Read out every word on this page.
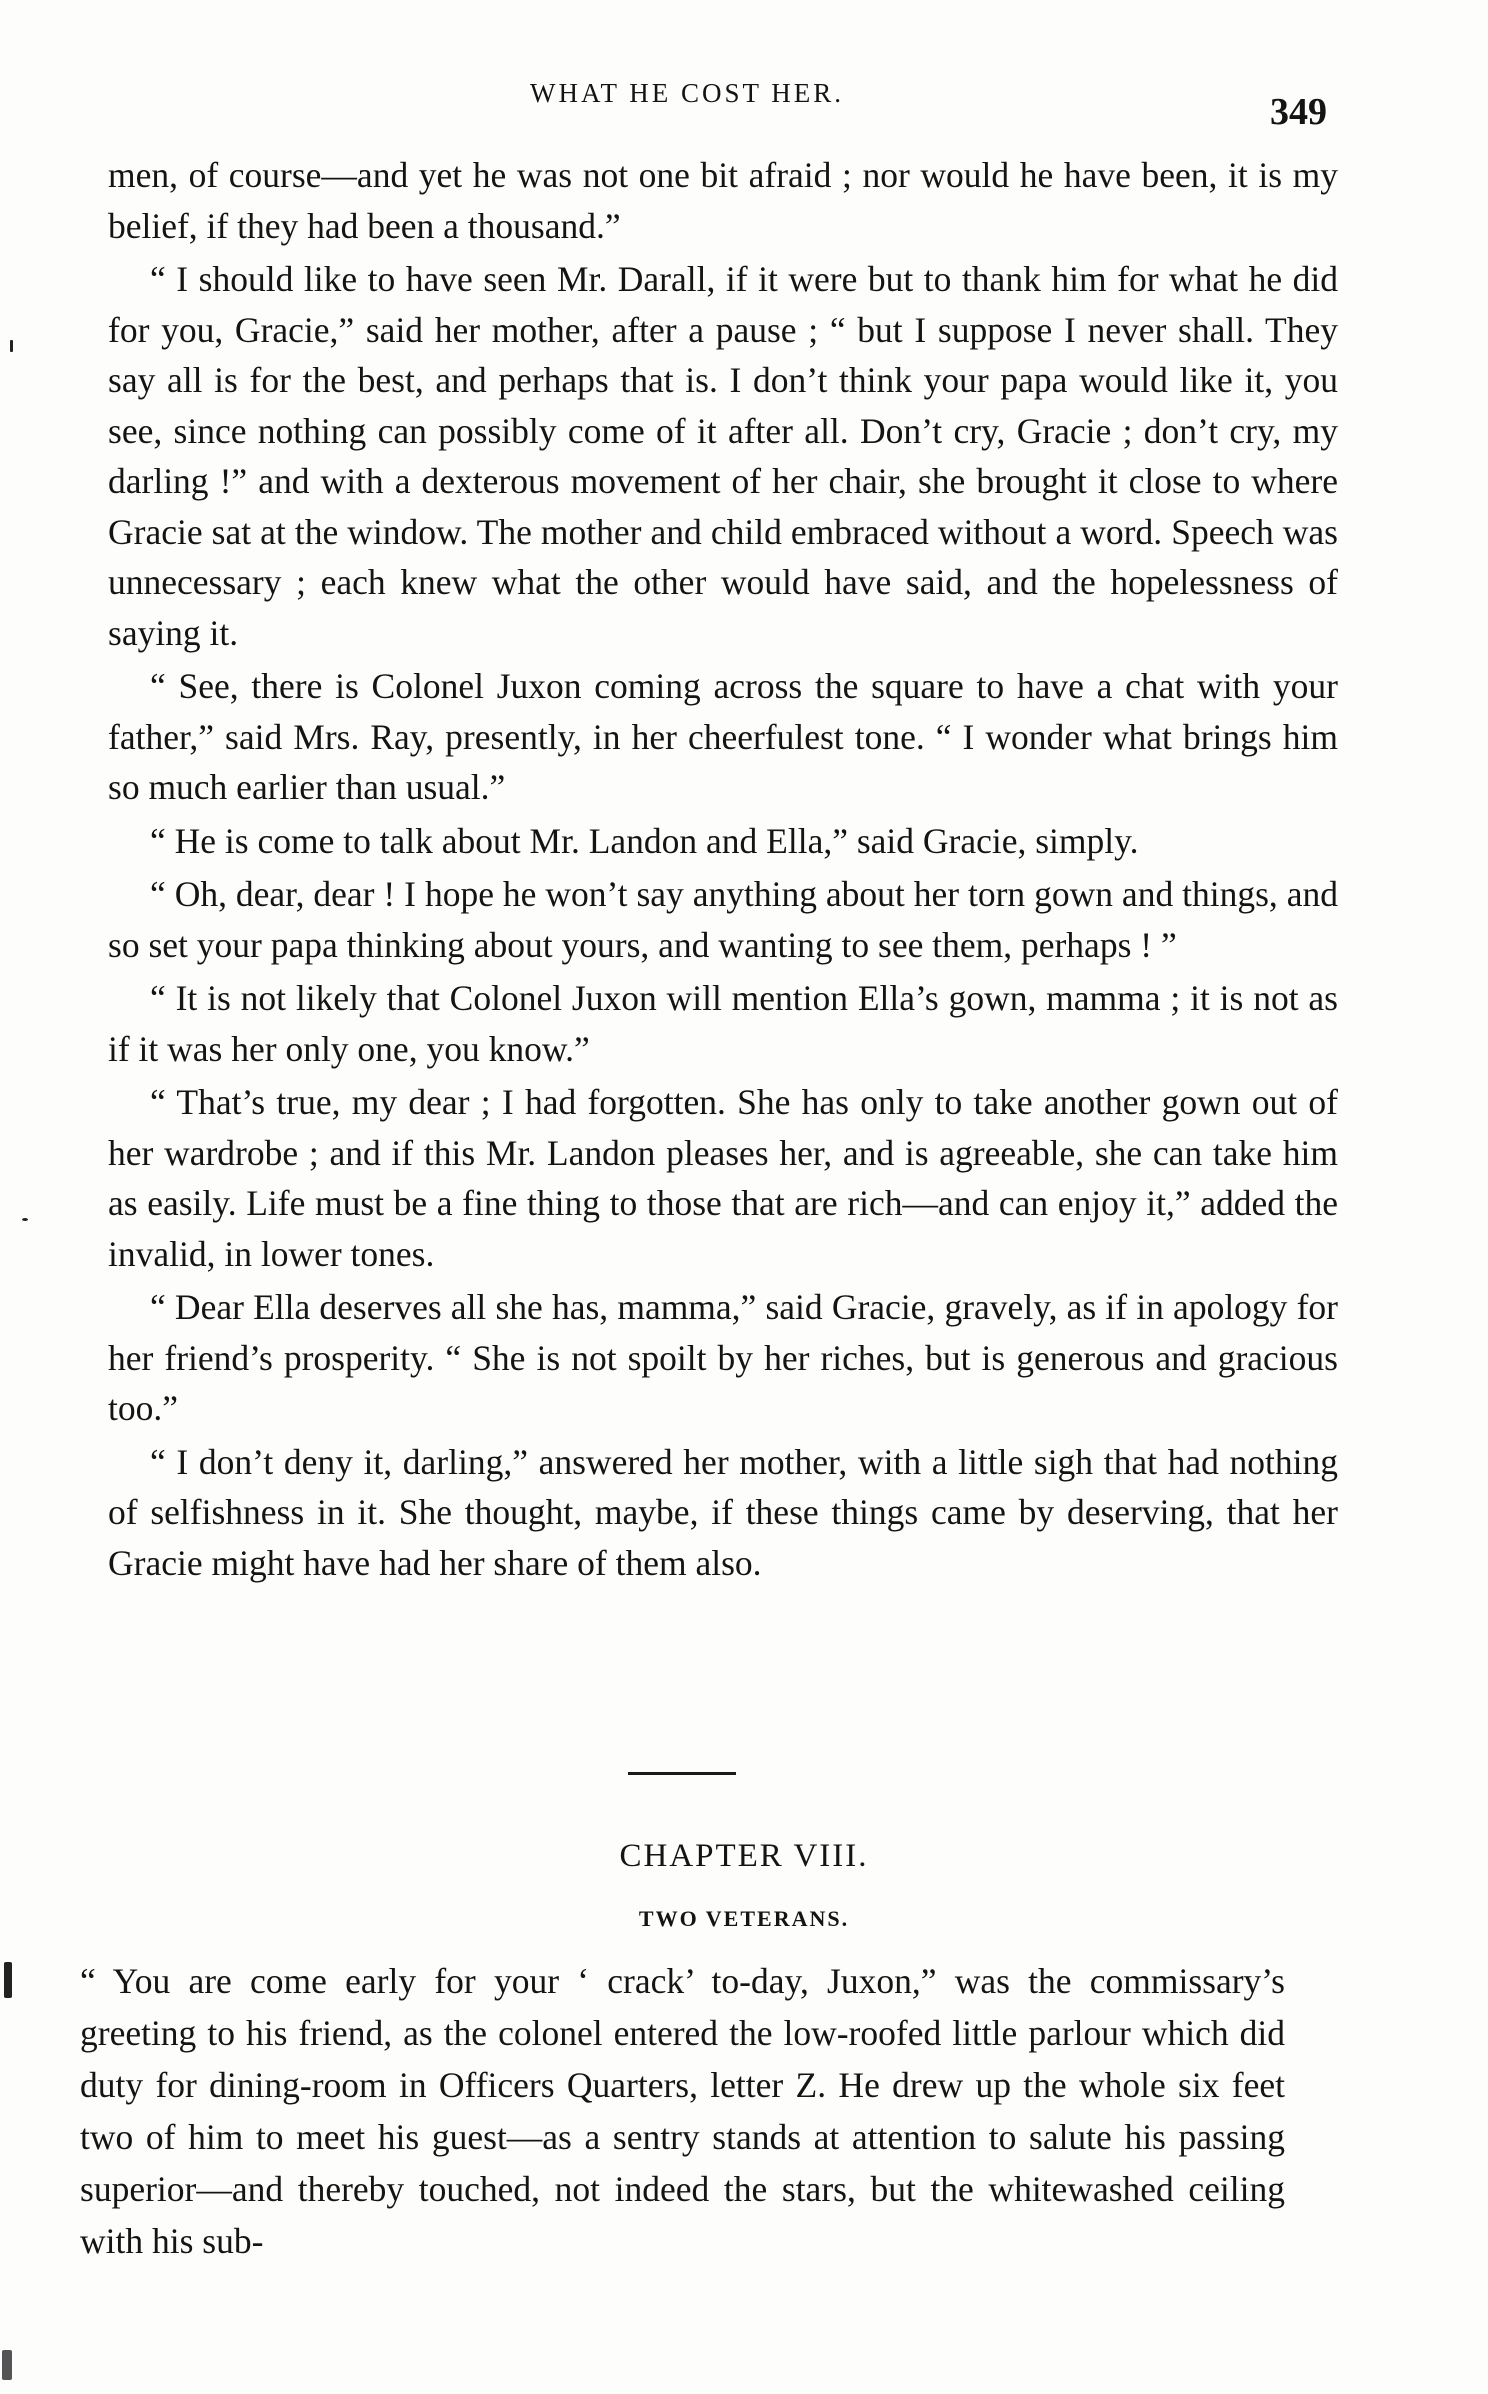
WHAT HE COST HER.	349

men, of course—and yet he was not one bit afraid ; nor would he have been, it is my belief, if they had been a thousand.”

“ I should like to have seen Mr. Darall, if it were but to thank him for what he did for you, Gracie,” said her mother, after a pause ; “ but I suppose I never shall. They say all is for the best, and perhaps that is. I don’t think your papa would like it, you see, since nothing can possibly come of it after all. Don’t cry, Gracie ; don’t cry, my darling !” and with a dexterous movement of her chair, she brought it close to where Gracie sat at the window. The mother and child embraced without a word. Speech was unnecessary ; each knew what the other would have said, and the hopelessness of saying it.

“ See, there is Colonel Juxon coming across the square to have a chat with your father,” said Mrs. Ray, presently, in her cheerfulest tone. “ I wonder what brings him so much earlier than usual.”

“ He is come to talk about Mr. Landon and Ella,” said Gracie, simply.

“ Oh, dear, dear ! I hope he won’t say anything about her torn gown and things, and so set your papa thinking about yours, and wanting to see them, perhaps ! ”

“ It is not likely that Colonel Juxon will mention Ella’s gown, mamma ; it is not as if it was her only one, you know.”

“ That’s true, my dear ; I had forgotten. She has only to take another gown out of her wardrobe ; and if this Mr. Landon pleases her, and is agreeable, she can take him as easily. Life must be a fine thing to those that are rich—and can enjoy it,” added the invalid, in lower tones.

“ Dear Ella deserves all she has, mamma,” said Gracie, gravely, as if in apology for her friend’s prosperity. “ She is not spoilt by her riches, but is generous and gracious too.”

“ I don’t deny it, darling,” answered her mother, with a little sigh that had nothing of selfishness in it. She thought, maybe, if these things came by deserving, that her Gracie might have had her share of them also.

CHAPTER VIII.
TWO VETERANS.

“ You are come early for your ‘ crack’ to-day, Juxon,” was the commissary’s greeting to his friend, as the colonel entered the low-roofed little parlour which did duty for dining-room in Officers Quarters, letter Z. He drew up the whole six feet two of him to meet his guest—as a sentry stands at attention to salute his passing superior—and thereby touched, not indeed the stars, but the whitewashed ceiling with his sub-
